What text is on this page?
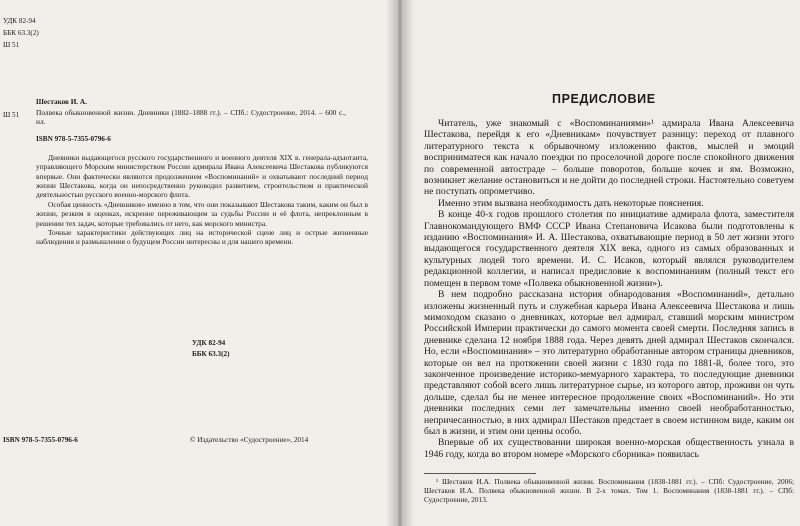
УДК 82-94
ББК 63.3(2)
Ш 51
Ш 51
Шестаков И. А.
Полвека обыкновенной жизни. Дневники (1882–1888 гг.). – СПб.: Судостроение, 2014. – 600 с., ил.
ISBN 978-5-7355-0796-6
Дневники выдающегося русского государственного и военного деятеля XIX в. генерала-адъютанта, управляющего Морским министерством России адмирала Ивана Алексеевича Шестакова публикуются впервые. Они фактически являются продолжением «Воспоминаний» и охватывают последний период жизни Шестакова, когда он непосредственно руководил развитием, строительством и практической деятельностью русского военно-морского флота.
Особая ценность «Дневников» именно в том, что они показывают Шестакова таким, каким он был в жизни, резким в оценках, искренне переживающим за судьбы России и её флота, непреклонным в решении тех задач, которые требовались от него, как морского министра.
Точные характеристики действующих лиц на исторической сцене лиц и острые жизненные наблюдения и размышления о будущем России интересны и для нашего времени.
УДК 82-94
ББК 63.3(2)
ISBN 978-5-7355-0796-6	© Издательство «Судостроение», 2014
ПРЕДИСЛОВИЕ

Читатель, уже знакомый с «Воспоминаниями»¹ адмирала Ивана Алексеевича Шестакова, перейдя к его «Дневникам» почувствует разницу: переход от плавного литературного текста к обрывочному изложению фактов, мыслей и эмоций восприниматеся как начало поездки по проселочной дороге после спокойного движения по современной автостраде – больше поворотов, больше кочек и ям. Возможно, возникнет желание остановиться и не дойти до последней строки. Настоятельно советуем не поступать опрометчиво.

Именно этим вызвана необходимость дать некоторые пояснения.

В конце 40-х годов прошлого столетия по инициативе адмирала флота, заместителя Главнокомандующего ВМФ СССР Ивана Степановича Исакова были подготовлены к изданию «Воспоминания» И. А. Шестакова, охватывающие период в 50 лет жизни этого выдающегося государственного деятеля XIX века, одного из самых образованных и культурных людей того времени. И. С. Исаков, который являлся руководителем редакционной коллегии, и написал предисловие к воспоминаниям (полный текст его помещен в первом томе «Полвека обыкновенной жизни»).

В нем подробно рассказана история обнародования «Воспоминаний», детально изложены жизненный путь и служебная карьера Ивана Алексеевича Шестакова и лишь мимоходом сказано о дневниках, которые вел адмирал, ставший морским министром Российской Империи практически до самого момента своей смерти. Последняя запись в дневнике сделана 12 ноября 1888 года. Через девять дней адмирал Шестаков скончался. Но, если «Воспоминания» – это литературно обработанные автором страницы дневников, которые он вел на протяжении своей жизни с 1830 года по 1881-й, более того, это законченное произведение историко-мемуарного характера, то последующие дневники представляют собой всего лишь литературное сырье, из которого автор, проживи он чуть дольше, сделал бы не менее интересное продолжение своих «Воспоминаний». Но эти дневники последних семи лет замечательны именно своей необработанностью, непричесанностью, в них адмирал Шестаков предстает в своем истинном виде, каким он был в жизни, и этим они ценны особо.

Впервые об их существовании широкая военно-морская общественность узнала в 1946 году, когда во втором номере «Морского сборника» появилась

¹ Шестаков И.А. Полвека обыкновенной жизни. Воспоминания (1838-1881 гг.). – СПб: Судостроение, 2006; Шестаков И.А. Полвека обыкновенной жизни. В 2-х томах. Том 1. Воспоминания (1838-1881 гг.). – СПб: Судостроение, 2013.
